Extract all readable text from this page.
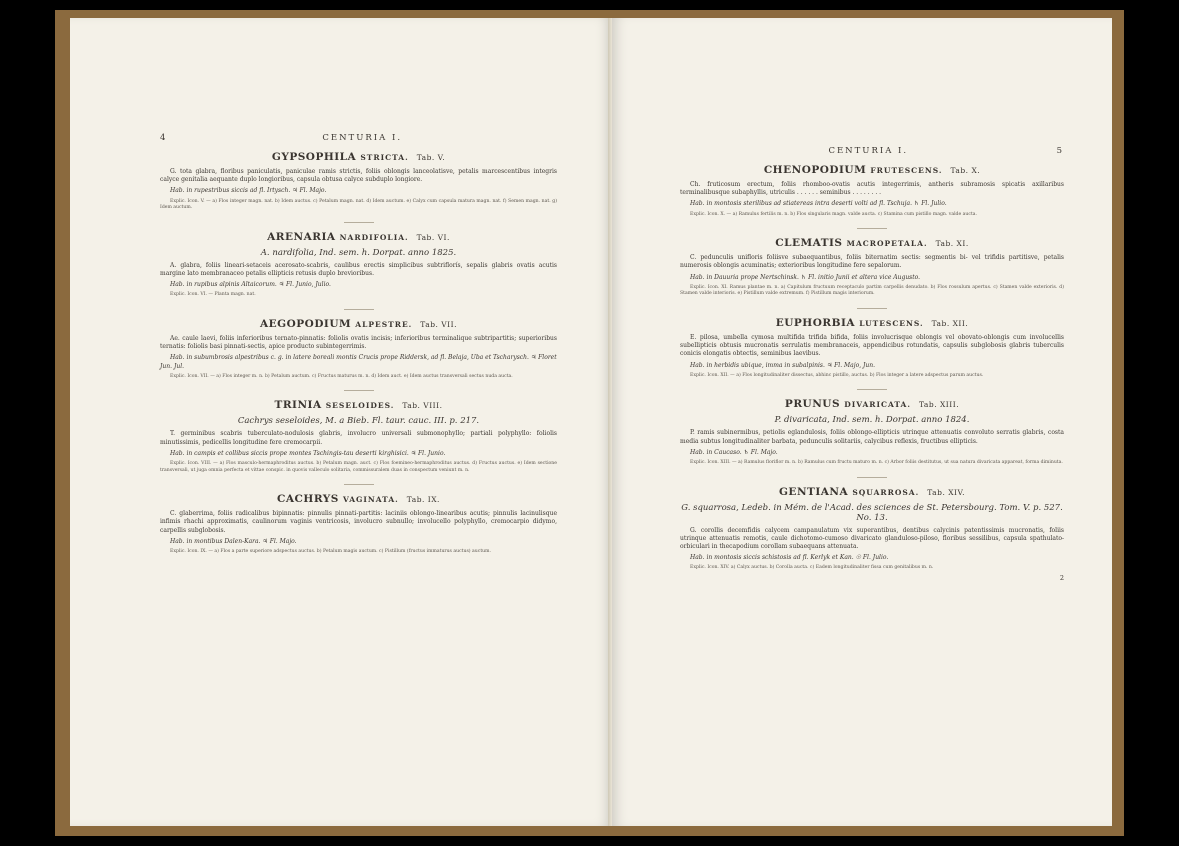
4	CENTURIA I.
GYPSOPHILA STRICTA. Tab. V.

G. tota glabra, floribus paniculatis, paniculae ramis strictis, foliis oblongis lanceolatisve, petalis marcescentibus integris calyce genitalia aequante duplo longioribus, capsula obtusa calyce subduplo longiore.

Hab. in rupestribus siccis ad fl. Irtysch. ♃ Fl. Majo.

Explic. Icon. V. — a) Flos integer magn. nat. b) Idem auctus. c) Petalum magn. nat. d) Idem auctum. e) Calyx cum capsula matura magn. nat. f) Semen magn. nat. g) Idem auctum.

ARENARIA NARDIFOLIA. Tab. VI.
A. nardifolia, Ind. sem. h. Dorpat. anno 1825.

A. glabra, foliis lineari-setaceis acerosato-scabris, caulibus erectis simplicibus subtriflorís, sepalis glabris ovatis acutis margine lato membranaceo petalis ellipticis retusis duplo brevioribus.

Hab. in rupibus alpinis Altaicorum. ♃ Fl. Junio, Julio.

Explic. Icon. VI. — Planta magn. nat.

AEGOPODIUM ALPESTRE. Tab. VII.

Ae. caule laevi, foliis inferioribus ternato-pinnatis: foliolis ovatis incisis; inferioribus terminalique subtripartitis; superioribus ternatis: foliolis basi pinnati-sectis, apice producto subintegerrimis.

Hab. in subumbrosis alpestribus c. g. in latere boreali montis Crucis prope Riddersk, ad fl. Belaja, Uba et Tscharysch. ♃ Floret Jun. Jul.

Explic. Icon. VII. — a) Flos integer m. n. b) Petalum auctum. c) Fructus maturus m. n. d) Idem auct. e) Idem auctus transversali sectus nuda aucta.

TRINIA SESELOIDES. Tab. VIII.
Cachrys seseloides, M. a Bieb. Fl. taur. cauc. III. p. 217.

T. germinibus scabris tuberculato-nodulosis glabris, involucro universali submonophyllo; partiali polyphyllo: foliolis minutissimis, pedicellis longitudine fere cremocarpii.

Hab. in campis et collibus siccis prope montes Tschingis-tau deserti kirghisici. ♃ Fl. Junio.

Explic. Icon. VIII. — a) Flos masculo-hermaphroditus auctus. b) Petalum magn. auct. c) Flos foemineo-hermaphroditus auctus. d) Fructus auctus. e) Idem sectione transversali, ut juga omnia perfecta et vittae conspic. in quovis valleculo solitaria, commissuralem duas in conspectum veniunt m. n.

CACHRYS VAGINATA. Tab. IX.

C. glaberrima, foliis radicalibus bipinnatis: pinnulis pinnati-partitis: laciniis oblongo-linearibus acutis; pinnulis lacinulisque infimis rhachi approximatis, caulinorum vaginis ventricosis, involucro subnullo; involucello polyphyllo, cremocarpio didymo, carpellis subglobosis.

Hab. in montibus Dalen-Kara. ♃ Fl. Majo.

Explic. Icon. IX. — a) Flos a parte superiore adspectus auctus. b) Petalum magis auctum. c) Pistillum (fructus immaturus auctus) auctum.

CENTURIA I.	5
CHENOPODIUM FRUTESCENS. Tab. X.

Ch. fruticosum erectum, foliis rhomboo-ovatis acutis integerrimis, antheris subramosis spicatis axillaribus terminalibusque subaphyllis, utriculis . . . . . . seminibus . . . . . . . .

Hab. in montosis sterilibus ad stiatereas intra deserti volti ad fl. Tschuja. ♄ Fl. Julio.

Explic. Icon. X. — a) Ramulus fertilis m. n. b) Flos singularis magn. valde aucta. c) Stamina cum pistillo magn. valde aucta.

CLEMATIS MACROPETALA. Tab. XI.

C. pedunculis unifloris foliisve subaequantibus, foliis biternatim sectis: segmentis bi- vel trifidis partitisve, petalis numerosis oblongis acuminatis; exterioribus longitudine fere sepalorum.

Hab. in Dauuria prope Nertschinsk. ♄ Fl. initio Junii et altera vice Augusto.

Explic. Icon. XI. Ramus plantae m. n. a) Capitulum fructuum receptaculo partim carpellis denudato. b) Flos rossulum apertus. c) Stamen valde exterioris. d) Stamen valde interioris. e) Pistillum valde extremum. f) Pistillum magis interiorum.

EUPHORBIA LUTESCENS. Tab. XII.

E. pilosa, umbella cymosa multifida trifida bifida, foliis involucrisque oblongis vel obovato-oblongis cum involucellis subellipticis obtusis mucronatis serrulatis membranaceis, appendicibus rotundatis, capsulis subglobosis glabris tuberculis conicis elongatis obtectis, seminibus laevibus.

Hab. in herbidis ubique, imma in subalpinis. ♃ Fl. Majo, Jun.

Explic. Icon. XII. — a) Flos longitudinaliter dissectus, abhinc pistillo, auctus. b) Flos integer a latere adspectus parum auctus.

PRUNUS DIVARICATA. Tab. XIII.
P. divaricata, Ind. sem. h. Dorpat. anno 1824.

P. ramis subinermibus, petiolis eglandulosis, foliis oblongo-ellipticis utrinque attenuatis convoluto serratis glabris, costa media subtus longitudinaliter barbata, pedunculis solitariis, calycibus reflexis, fructibus ellipticis.

Hab. in Caucaso. ♄ Fl. Majo.

Explic. Icon. XIII. — a) Ramulus floriflor m. n. b) Ramulus cum fructu maturo m. n. c) Arbor foliis destitutus, ut sua natura divaricata appareat, forma diminuta.

GENTIANA SQUARROSA. Tab. XIV.
G. squarrosa, Ledeb. in Mém. de l'Acad. des sciences de St. Petersbourg. Tom. V. p. 527. No. 13.

G. corollis decemfidis calycem campanulatum vix superantibus, dentibus calycinis patentissimis mucronatis, foliis utrinque attenuatis remotis, caule dichotomo-cumoso divaricato glanduloso-piloso, floribus sessilibus, capsula spathulato-orbiculari in thecapodium corollam subaequans attenuata.

Hab. in montosis siccis schistosis ad fl. Kerlyk et Kan. ☉ Fl. Julio.

Explic. Icon. XIV. a) Calyx auctus. b) Corolla aucta. c) Eadem longitudinaliter fissa cum genitalibus m. n.

2
